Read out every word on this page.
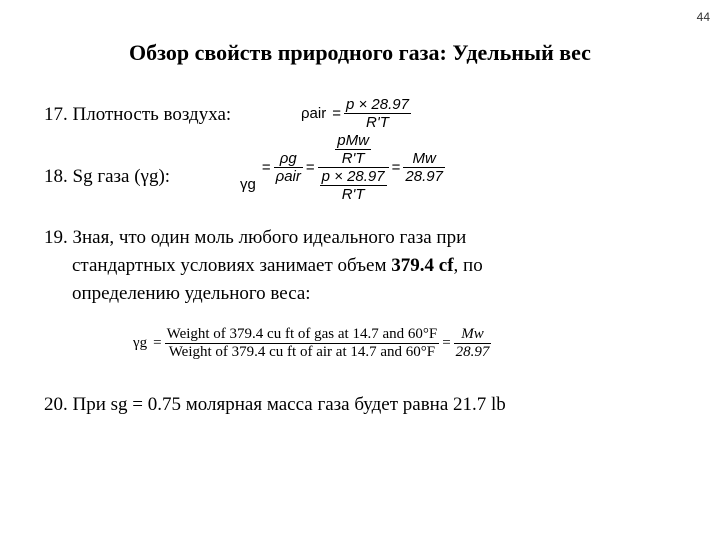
44
Обзор свойств природного газа: Удельный вес
17. Плотность воздуха:	$\rho air = \frac{p \times 28.97}{R'T}$
18. Sg газа (γg):	$\gamma g= \frac{\rho g}{\text{ρair}} = \frac{\frac{\text{pMw}}{R'T}}{\frac{p \times 28.97}{R'T}} = \frac{Mw}{28.97}$
19. Зная, что один моль любого идеального газа при
стандартных условиях занимает объем 379.4 cf, по
определению удельного веса:
$\gamma g = \frac{\text{Weight of 379.4 cu ft of gas at 14.7 and 60°F}}{\text{Weight of 379.4 cu ft of air at 14.7 and 60°F}} = \frac{Mw}{28.97}$
20. При sg = 0.75 молярная масса газа будет равна 21.7 lb
